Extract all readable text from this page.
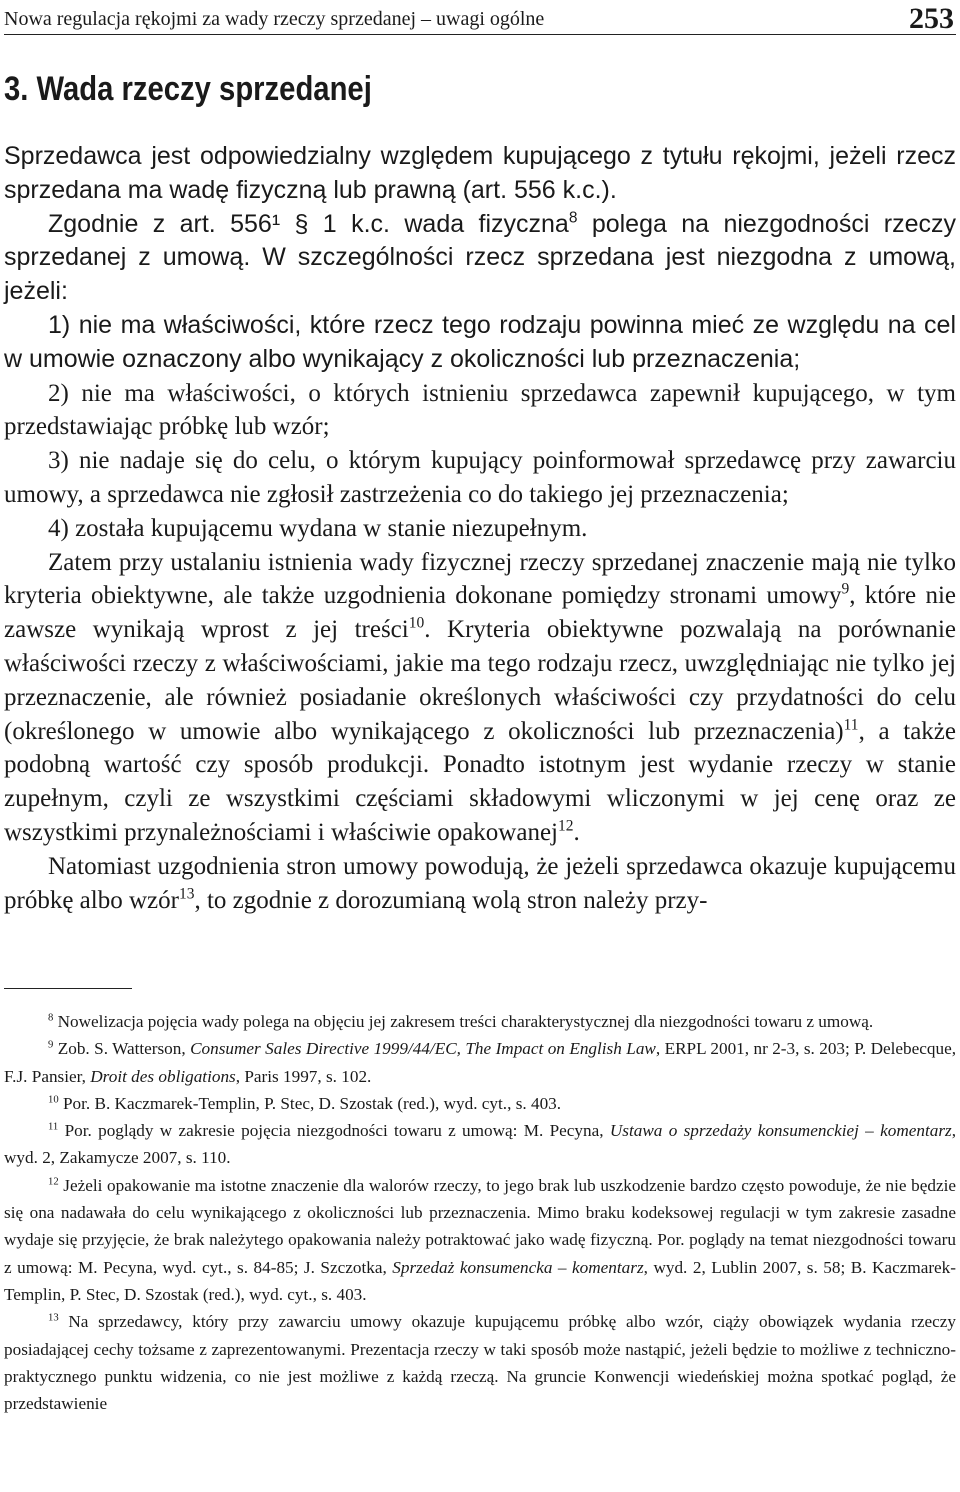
Nowa regulacja rękojmi za wady rzeczy sprzedanej – uwagi ogólne	253
3. Wada rzeczy sprzedanej

Sprzedawca jest odpowiedzialny względem kupującego z tytułu rękojmi, jeżeli rzecz sprzedana ma wadę fizyczną lub prawną (art. 556 k.c.).

Zgodnie z art. 556¹ § 1 k.c. wada fizyczna$^8$ polega na niezgodności rzeczy sprzedanej z umową. W szczególności rzecz sprzedana jest niezgodna z umową, jeżeli:

1) nie ma właściwości, które rzecz tego rodzaju powinna mieć ze względu na cel w umowie oznaczony albo wynikający z okoliczności lub przeznaczenia;

2) nie ma właściwości, o których istnieniu sprzedawca zapewnił kupującego, w tym przedstawiając próbkę lub wzór;

3) nie nadaje się do celu, o którym kupujący poinformował sprzedawcę przy zawarciu umowy, a sprzedawca nie zgłosił zastrzeżenia co do takiego jej przeznaczenia;

4) została kupującemu wydana w stanie niezupełnym.

Zatem przy ustalaniu istnienia wady fizycznej rzeczy sprzedanej znaczenie mają nie tylko kryteria obiektywne, ale także uzgodnienia dokonane pomiędzy stronami umowy$^9$, które nie zawsze wynikają wprost z jej treści$^{10}$. Kryteria obiektywne pozwalają na porównanie właściwości rzeczy z właściwościami, jakie ma tego rodzaju rzecz, uwzględniając nie tylko jej przeznaczenie, ale również posiadanie określonych właściwości czy przydatności do celu (określonego w umowie albo wynikającego z okoliczności lub przeznaczenia)$^{11}$, a także podobną wartość czy sposób produkcji. Ponadto istotnym jest wydanie rzeczy w stanie zupełnym, czyli ze wszystkimi częściami składowymi wliczonymi w jej cenę oraz ze wszystkimi przynależnościami i właściwie opakowanej$^{12}$.

Natomiast uzgodnienia stron umowy powodują, że jeżeli sprzedawca okazuje kupującemu próbkę albo wzór$^{13}$, to zgodnie z dorozumianą wolą stron należy przy-

$^8$ Nowelizacja pojęcia wady polega na objęciu jej zakresem treści charakterystycznej dla niezgodności towaru z umową.

$^9$ Zob. S. Watterson, Consumer Sales Directive 1999/44/EC, The Impact on English Law, ERPL 2001, nr 2-3, s. 203; P. Delebecque, F.J. Pansier, Droit des obligations, Paris 1997, s. 102.

$^{10}$ Por. B. Kaczmarek-Templin, P. Stec, D. Szostak (red.), wyd. cyt., s. 403.

$^{11}$ Por. poglądy w zakresie pojęcia niezgodności towaru z umową: M. Pecyna, Ustawa o sprzedaży konsumenckiej – komentarz, wyd. 2, Zakamycze 2007, s. 110.

$^{12}$ Jeżeli opakowanie ma istotne znaczenie dla walorów rzeczy, to jego brak lub uszkodzenie bardzo często powoduje, że nie będzie się ona nadawała do celu wynikającego z okoliczności lub przeznaczenia. Mimo braku kodeksowej regulacji w tym zakresie zasadne wydaje się przyjęcie, że brak należytego opakowania należy potraktować jako wadę fizyczną. Por. poglądy na temat niezgodności towaru z umową: M. Pecyna, wyd. cyt., s. 84-85; J. Szczotka, Sprzedaż konsumencka – komentarz, wyd. 2, Lublin 2007, s. 58; B. Kaczmarek-Templin, P. Stec, D. Szostak (red.), wyd. cyt., s. 403.

$^{13}$ Na sprzedawcy, który przy zawarciu umowy okazuje kupującemu próbkę albo wzór, ciąży obowiązek wydania rzeczy posiadającej cechy tożsame z zaprezentowanymi. Prezentacja rzeczy w taki sposób może nastąpić, jeżeli będzie to możliwe z techniczno-praktycznego punktu widzenia, co nie jest możliwe z każdą rzeczą. Na gruncie Konwencji wiedeńskiej można spotkać pogląd, że przedstawienie
